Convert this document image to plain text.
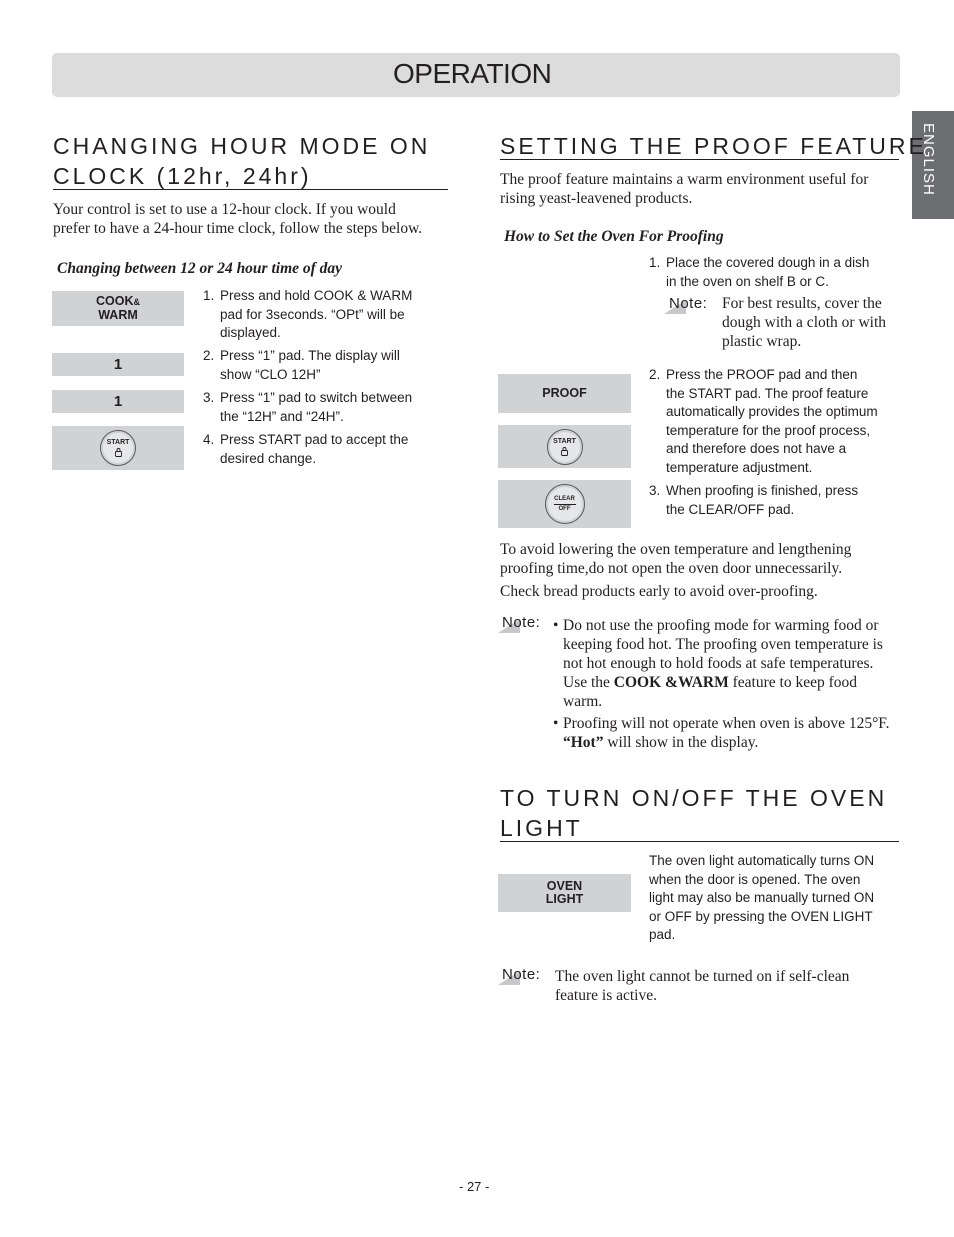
OPERATION
ENGLISH
CHANGING HOUR MODE ON
CLOCK (12hr, 24hr)
Your control is set to use a 12-hour clock. If you would
prefer to have a 24-hour time clock, follow the steps below.
Changing between 12 or 24 hour time of day
COOK&
WARM
1
1
START
1. Press and hold COOK & WARM
pad for 3seconds. “OPt” will be
displayed.
2. Press “1” pad. The display will
show “CLO 12H”
3. Press “1” pad to switch between
the “12H” and “24H”.
4. Press START pad to accept the
desired change.
SETTING THE PROOF FEATURE
The proof feature maintains a warm environment useful for
rising yeast-leavened products.
How to Set the Oven For Proofing
1. Place the covered dough in a dish
in the oven on shelf B or C.
Note: For best results, cover the
dough with a cloth or with
plastic wrap.
PROOF
START
CLEAR
OFF
2. Press the PROOF pad and then
the START pad. The proof feature
automatically provides the optimum
temperature for the proof process,
and therefore does not have a
temperature adjustment.
3. When proofing is finished, press
the CLEAR/OFF pad.
To avoid lowering the oven temperature and lengthening
proofing time,do not open the oven door unnecessarily.
Check bread products early to avoid over-proofing.
Note: • Do not use the proofing mode for warming food or
keeping food hot. The proofing oven temperature is
not hot enough to hold foods at safe temperatures.
Use the COOK &WARM feature to keep food
warm.
• Proofing will not operate when oven is above 125°F.
“Hot” will show in the display.
TO TURN ON/OFF THE OVEN
LIGHT
OVEN
LIGHT
The oven light automatically turns ON
when the door is opened. The oven
light may also be manually turned ON
or OFF by pressing the OVEN LIGHT
pad.
Note: The oven light cannot be turned on if self-clean
feature is active.
- 27 -
